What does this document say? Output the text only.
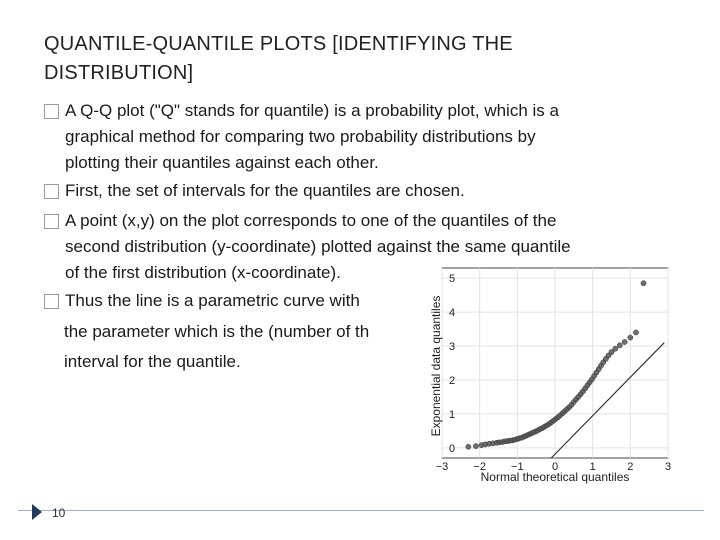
QUANTILE-QUANTILE PLOTS [IDENTIFYING THE
DISTRIBUTION]
A Q-Q plot ("Q" stands for quantile) is a probability plot, which is a
graphical method for comparing two probability distributions by
plotting their quantiles against each other.
First, the set of intervals for the quantiles are chosen.
A point (x,y) on the plot corresponds to one of the quantiles of the
second distribution (y-coordinate) plotted against the same quantile
of the first distribution (x-coordinate).
Thus the line is a parametric curve with
the parameter which is the (number of th
interval for the quantile.
−3 −2 −1	0	1	2	3
0
1
2
3
4
5
Normal theoretical quantiles
Exponential data quantiles
10
